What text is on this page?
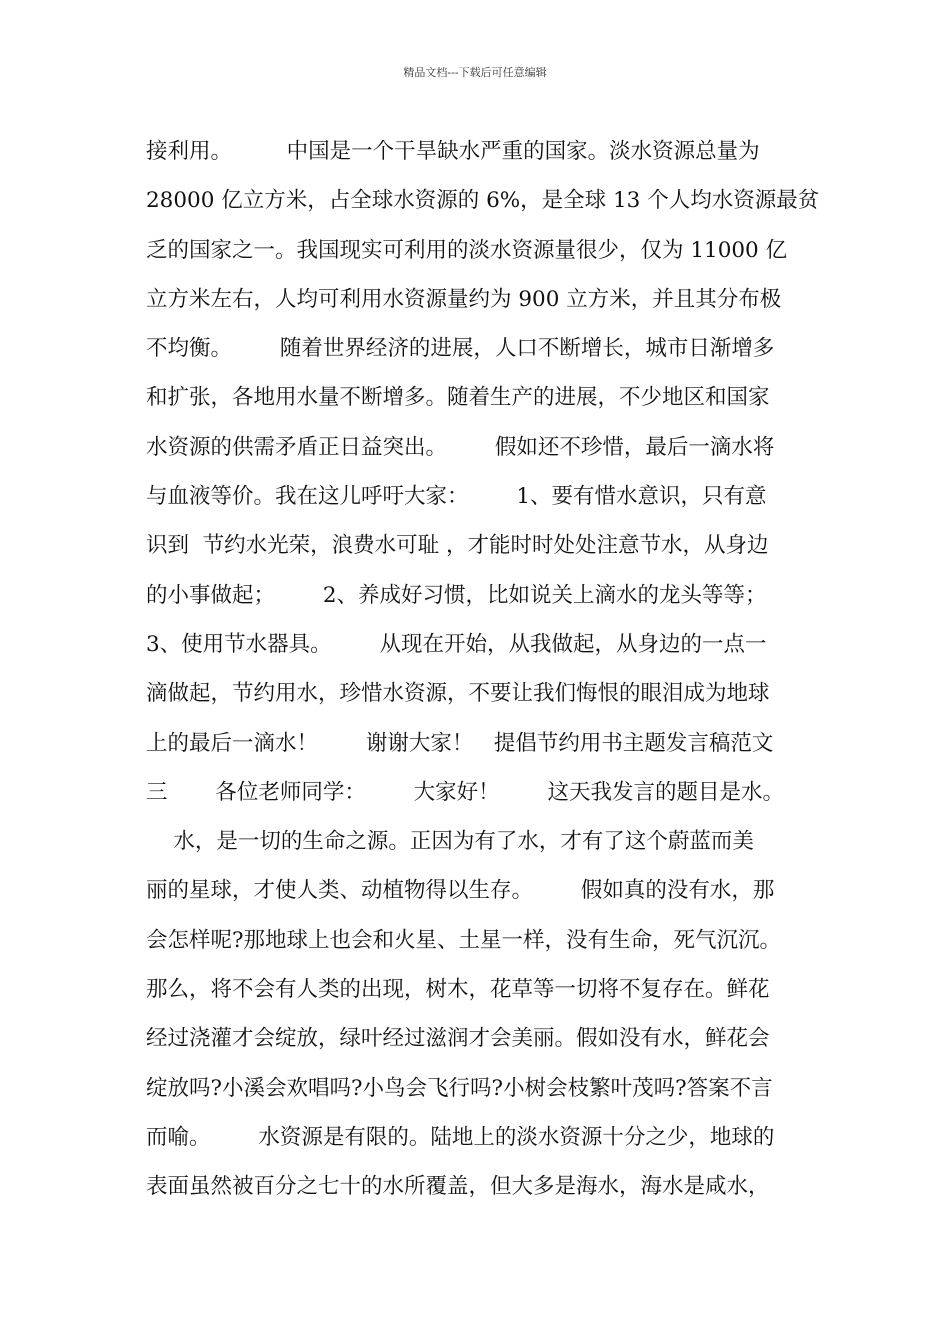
精品文档---下载后可任意编辑
接利用。        中国是一个干旱缺水严重的国家。淡水资源总量为
28000 亿立方米，占全球水资源的 6%，是全球 13 个人均水资源最贫
乏的国家之一。我国现实可利用的淡水资源量很少，仅为 11000 亿
立方米左右，人均可利用水资源量约为 900 立方米，并且其分布极
不均衡。       随着世界经济的进展，人口不断增长，城市日渐增多
和扩张，各地用水量不断增多。随着生产的进展，不少地区和国家
水资源的供需矛盾正日益突出。       假如还不珍惜，最后一滴水将
与血液等价。我在这儿呼吁大家：       1、要有惜水意识，只有意
识到  节约水光荣，浪费水可耻 ，才能时时处处注意节水，从身边
的小事做起；       2、养成好习惯，比如说关上滴水的龙头等等；
3、使用节水器具。       从现在开始，从我做起，从身边的一点一
滴做起，节约用水，珍惜水资源，不要让我们悔恨的眼泪成为地球
上的最后一滴水！       谢谢大家！   提倡节约用书主题发言稿范文
三       各位老师同学：       大家好！       这天我发言的题目是水。
水，是一切的生命之源。正因为有了水，才有了这个蔚蓝而美
丽的星球，才使人类、动植物得以生存。       假如真的没有水，那
会怎样呢?那地球上也会和火星、土星一样，没有生命，死气沉沉。
那么，将不会有人类的出现，树木，花草等一切将不复存在。鲜花
经过浇灌才会绽放，绿叶经过滋润才会美丽。假如没有水，鲜花会
绽放吗?小溪会欢唱吗?小鸟会飞行吗?小树会枝繁叶茂吗?答案不言
而喻。       水资源是有限的。陆地上的淡水资源十分之少，地球的
表面虽然被百分之七十的水所覆盖，但大多是海水，海水是咸水，
